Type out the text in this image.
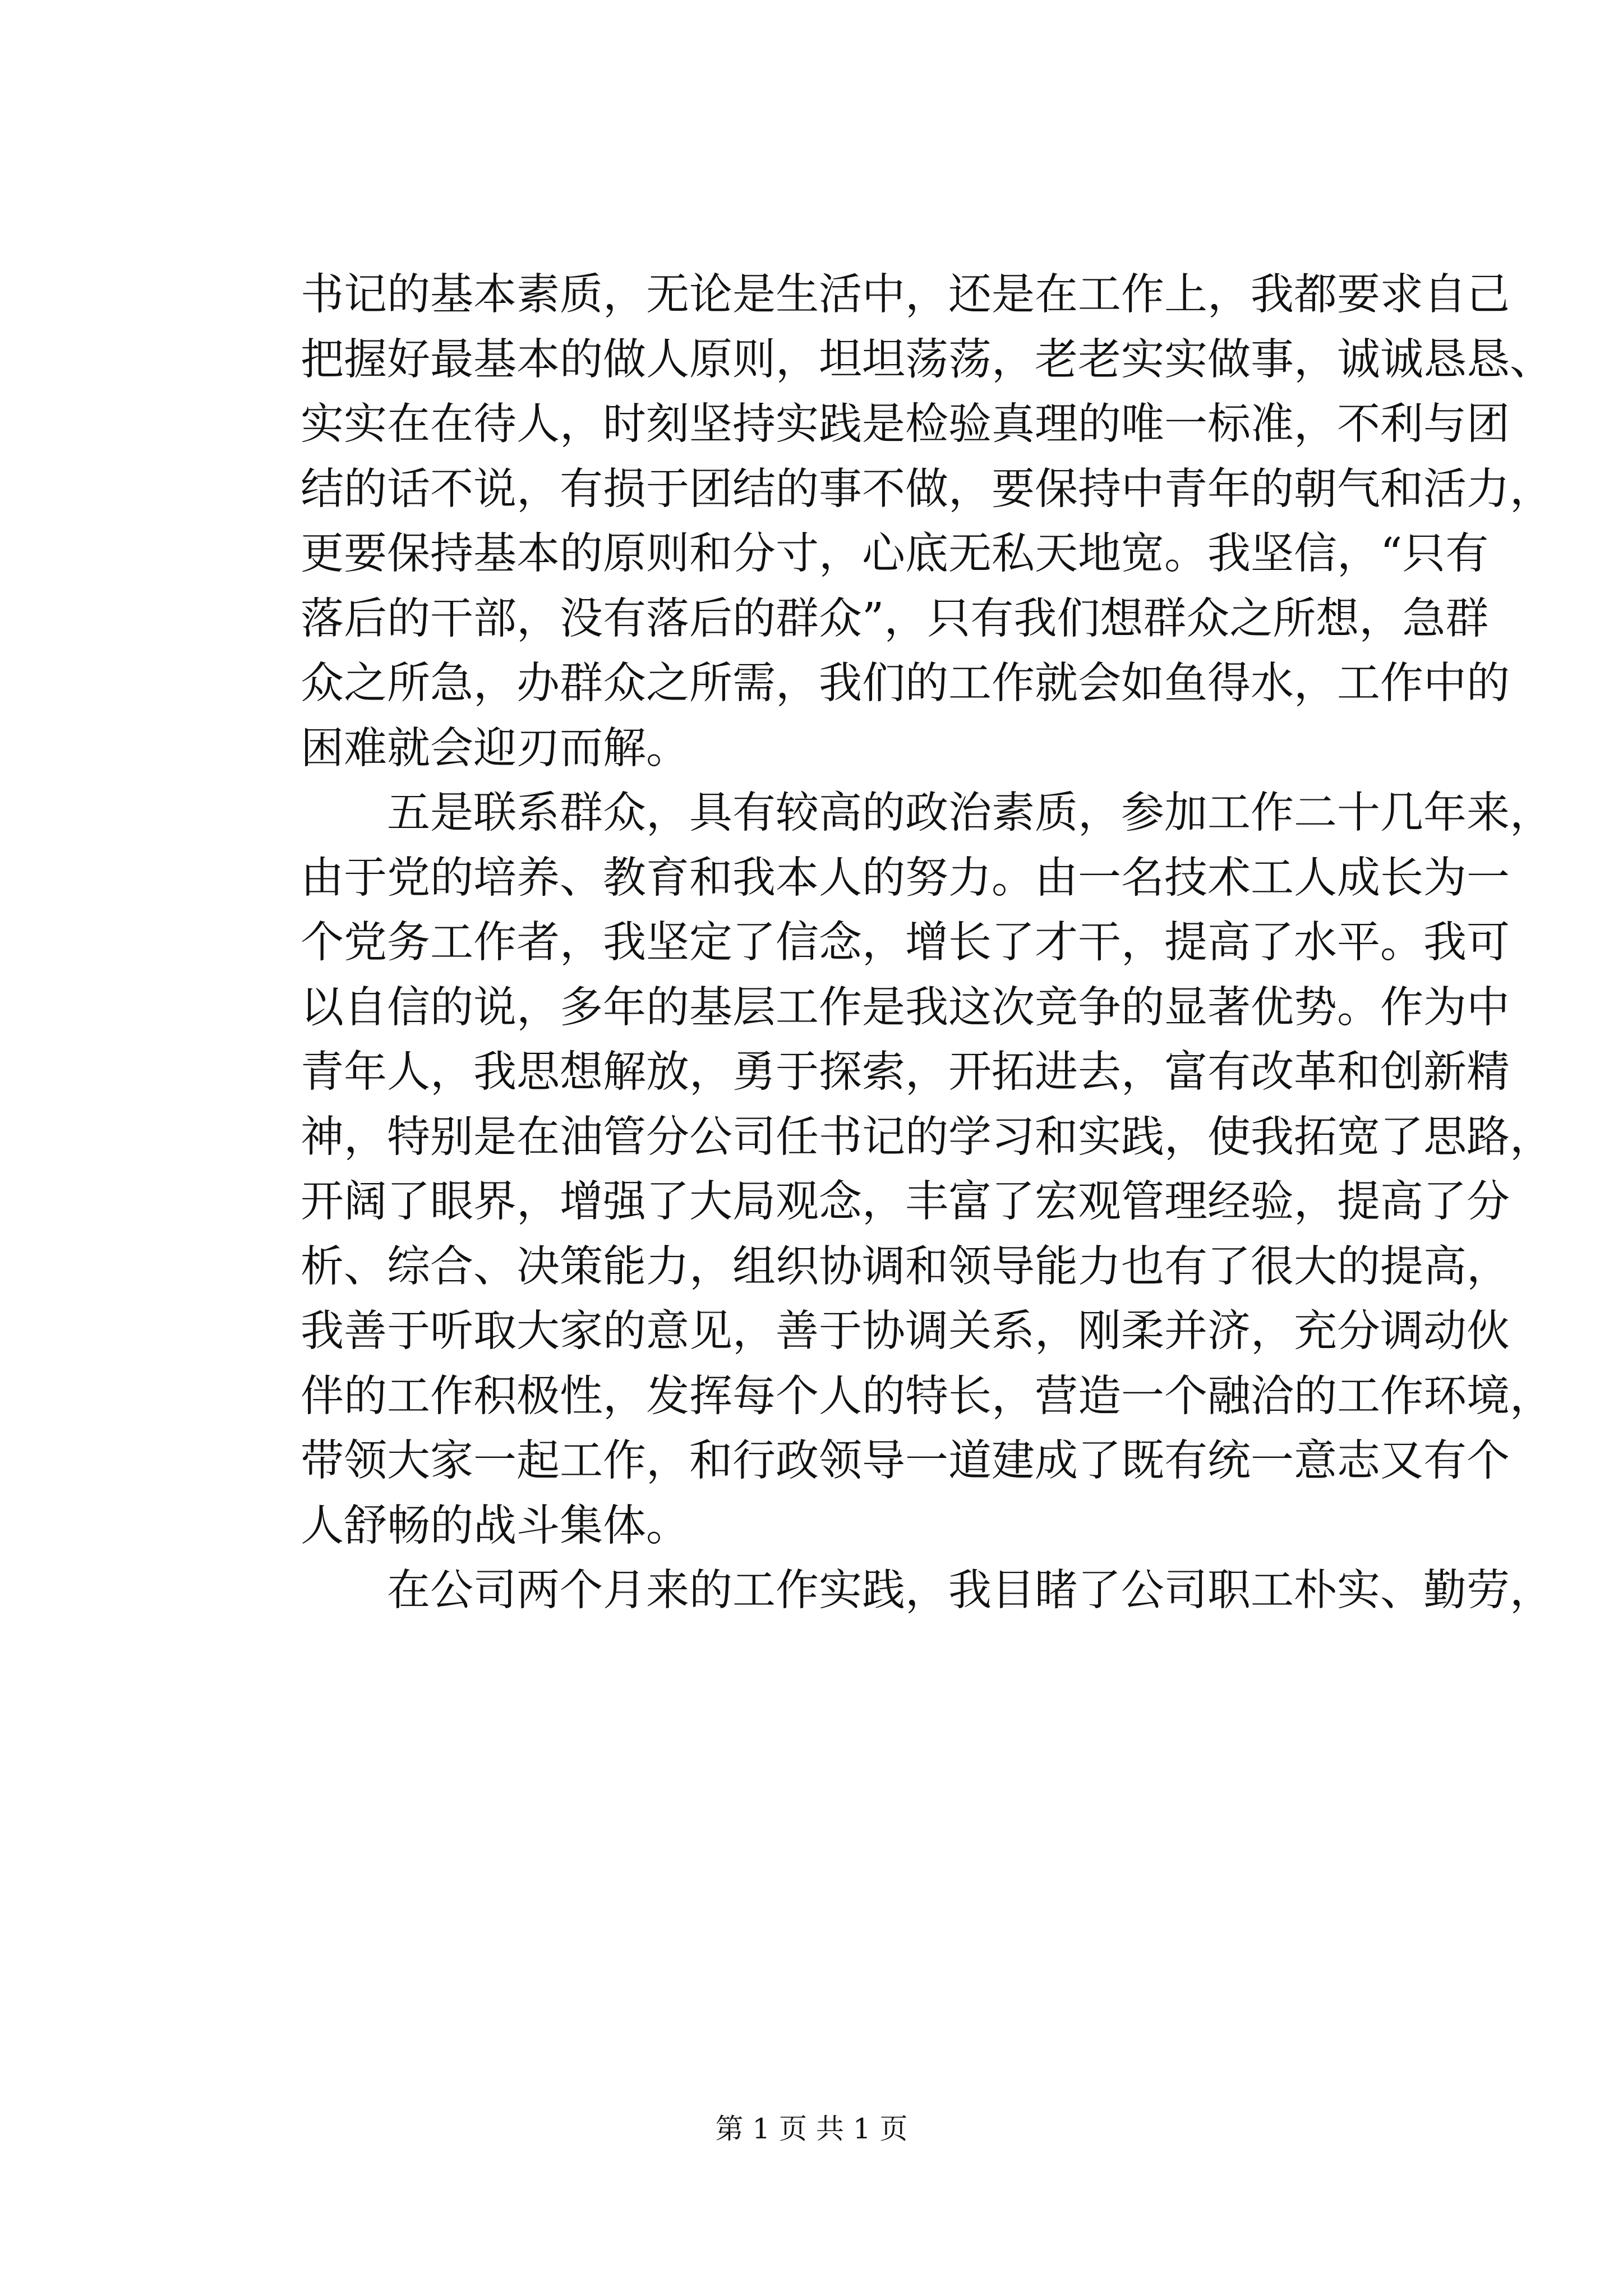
书记的基本素质，无论是生活中，还是在工作上，我都要求自己
把握好最基本的做人原则，坦坦荡荡，老老实实做事，诚诚恳恳、
实实在在待人，时刻坚持实践是检验真理的唯一标准，不利与团
结的话不说，有损于团结的事不做，要保持中青年的朝气和活力，
更要保持基本的原则和分寸，心底无私天地宽。我坚信，“只有
落后的干部，没有落后的群众”，只有我们想群众之所想，急群
众之所急，办群众之所需，我们的工作就会如鱼得水，工作中的
困难就会迎刃而解。
五是联系群众，具有较高的政治素质，参加工作二十几年来，
由于党的培养、教育和我本人的努力。由一名技术工人成长为一
个党务工作者，我坚定了信念，增长了才干，提高了水平。我可
以自信的说，多年的基层工作是我这次竞争的显著优势。作为中
青年人，我思想解放，勇于探索，开拓进去，富有改革和创新精
神，特别是在油管分公司任书记的学习和实践，使我拓宽了思路，
开阔了眼界，增强了大局观念，丰富了宏观管理经验，提高了分
析、综合、决策能力，组织协调和领导能力也有了很大的提高，
我善于听取大家的意见，善于协调关系，刚柔并济，充分调动伙
伴的工作积极性，发挥每个人的特长，营造一个融洽的工作环境，
带领大家一起工作，和行政领导一道建成了既有统一意志又有个
人舒畅的战斗集体。
在公司两个月来的工作实践，我目睹了公司职工朴实、勤劳，
第 1 页 共 1 页
